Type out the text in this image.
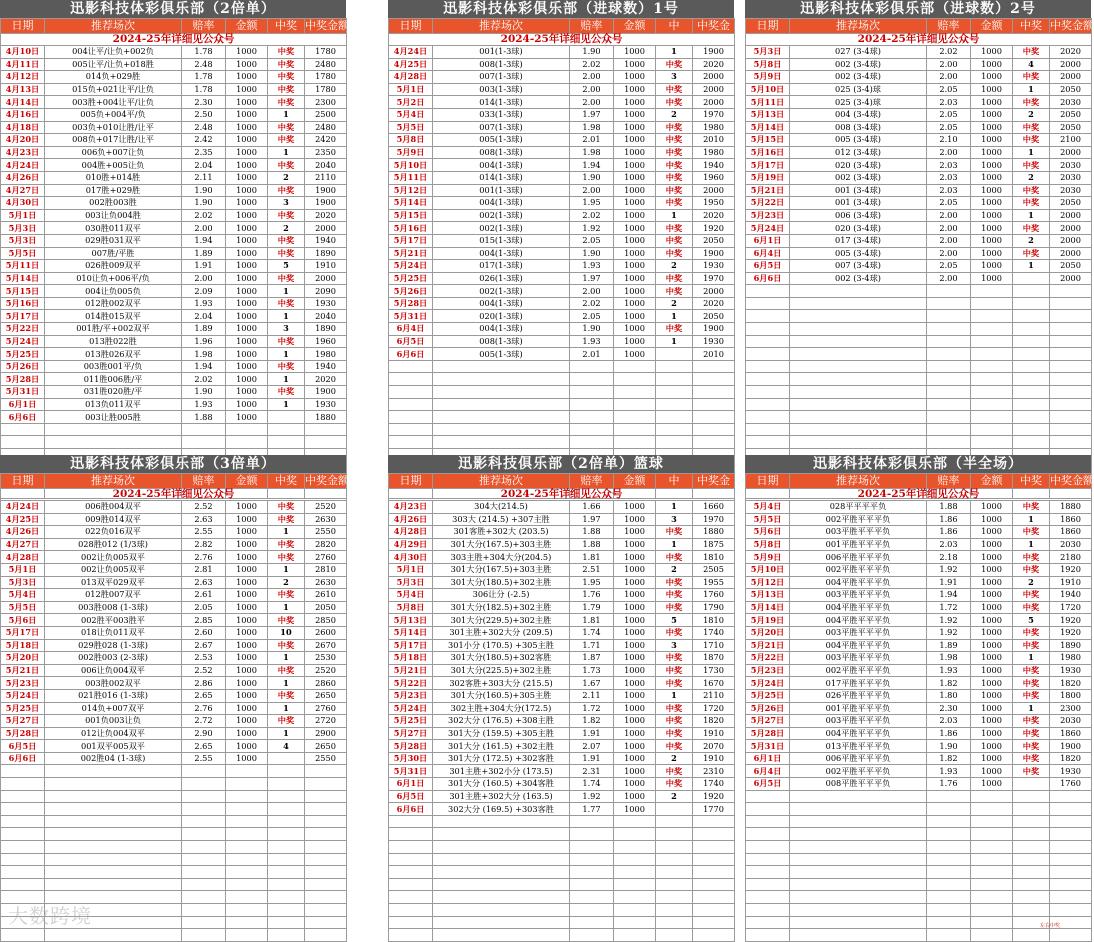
迅影科技体彩俱乐部（2倍单）
日期	推荐场次	赔率	金额	中奖	中奖金额
2024-25年详细见公众号					
4月10日	004让平/让负+002负	1.78	1000	中奖	1780
4月11日	005让平/让负+018胜	2.48	1000	中奖	2480
4月12日	014负+029胜	1.78	1000	中奖	1780
4月13日	015负+021让平/让负	1.78	1000	中奖	1780
4月14日	003胜+004让平/让负	2.30	1000	中奖	2300
4月16日	005负+004平/负	2.50	1000	1	2500
4月18日	003负+010让胜/让平	2.48	1000	中奖	2480
4月20日	008负+017让胜/让平	2.42	1000	中奖	2420
4月23日	006负+007让负	2.35	1000	1	2350
4月24日	004胜+005让负	2.04	1000	中奖	2040
4月26日	010胜+014胜	2.11	1000	2	2110
4月27日	017胜+029胜	1.90	1000	中奖	1900
4月30日	002胜003胜	1.90	1000	3	1900
5月1日	003让负004胜	2.02	1000	中奖	2020
5月3日	030胜011双平	2.00	1000	2	2000
5月3日	029胜031双平	1.94	1000	中奖	1940
5月5日	007胜/平胜	1.89	1000	中奖	1890
5月11日	026胜009双平	1.91	1000	5	1910
5月14日	010让负+006平/负	2.00	1000	中奖	2000
5月15日	004让负005负	2.09	1000	1	2090
5月16日	012胜002双平	1.93	1000	中奖	1930
5月17日	014胜015双平	2.04	1000	1	2040
5月22日	001胜/平+002双平	1.89	1000	3	1890
5月24日	013胜022胜	1.96	1000	中奖	1960
5月25日	013胜026双平	1.98	1000	1	1980
5月26日	003胜001平/负	1.94	1000	中奖	1940
5月28日	011胜006胜/平	2.02	1000	1	2020
5月31日	031胜020胜/平	1.90	1000	中奖	1900
6月1日	013负011双平	1.93	1000	1	1930
6月6日	003让胜005胜	1.88	1000		1880

迅影科技体彩俱乐部（进球数）1号
日期	推荐场次	赔率	金额	中	中奖金
2024-25年详细见公众号					
4月24日	001(1-3球)	1.90	1000	1	1900
4月25日	008(1-3球)	2.02	1000	中奖	2020
4月28日	007(1-3球)	2.00	1000	3	2000
5月1日	003(1-3球)	2.00	1000	中奖	2000
5月2日	014(1-3球)	2.00	1000	中奖	2000
5月4日	033(1-3球)	1.97	1000	2	1970
5月5日	007(1-3球)	1.98	1000	中奖	1980
5月8日	005(1-3球)	2.01	1000	中奖	2010
5月9日	008(1-3球)	1.98	1000	中奖	1980
5月10日	004(1-3球)	1.94	1000	中奖	1940
5月11日	014(1-3球)	1.90	1000	中奖	1960
5月12日	001(1-3球)	2.00	1000	中奖	2000
5月14日	004(1-3球)	1.95	1000	中奖	1950
5月15日	002(1-3球)	2.02	1000	1	2020
5月16日	002(1-3球)	1.92	1000	中奖	1920
5月17日	015(1-3球)	2.05	1000	中奖	2050
5月21日	004(1-3球)	1.90	1000	中奖	1900
5月24日	017(1-3球)	1.93	1000	2	1930
5月25日	026(1-3球)	1.97	1000	中奖	1970
5月26日	002(1-3球)	2.00	1000	中奖	2000
5月28日	004(1-3球)	2.02	1000	2	2020
5月31日	020(1-3球)	2.05	1000	1	2050
6月4日	004(1-3球)	1.90	1000	中奖	1900
6月5日	008(1-3球)	1.93	1000	1	1930
6月6日	005(1-3球)	2.01	1000		2010

迅影科技体彩俱乐部（进球数）2号
日期	推荐场次	赔率	金额	中奖	中奖金额
2024-25年详细见公众号					
5月3日	027 (3-4球)	2.02	1000	中奖	2020
5月8日	002 (3-4球)	2.00	1000	4	2000
5月9日	002 (3-4球)	2.00	1000	中奖	2000
5月10日	025 (3-4)球	2.05	1000	1	2050
5月11日	025 (3-4)球	2.03	1000	中奖	2030
5月13日	004 (3-4球)	2.05	1000	2	2050
5月14日	008 (3-4球)	2.05	1000	中奖	2050
5月15日	005 (3-4球)	2.10	1000	中奖	2100
5月16日	012 (3-4球)	2.00	1000	1	2000
5月17日	020 (3-4球)	2.03	1000	中奖	2030
5月19日	002 (3-4球)	2.03	1000	2	2030
5月21日	001 (3-4球)	2.03	1000	中奖	2030
5月22日	001 (3-4球)	2.05	1000	中奖	2050
5月23日	006 (3-4球)	2.00	1000	1	2000
5月24日	020 (3-4球)	2.00	1000	中奖	2000
6月1日	017 (3-4球)	2.00	1000	2	2000
6月4日	005 (3-4球)	2.00	1000	中奖	2000
6月5日	007 (3-4球)	2.05	1000	1	2050
6月6日	002 (3-4球)	2.00	1000		2000

迅影科技体彩俱乐部（3倍单）
日期	推荐场次	赔率	金额	中奖	中奖金额
2024-25年详细见公众号					
4月24日	006胜004双平	2.52	1000	中奖	2520
4月25日	009胜014双平	2.63	1000	中奖	2630
4月26日	022负016双平	2.55	1000	1	2550
4月27日	028胜012 (1/3球)	2.82	1000	中奖	2820
4月28日	002让负005双平	2.76	1000	中奖	2760
5月1日	002让负005双平	2.81	1000	1	2810
5月3日	013双平029双平	2.63	1000	2	2630
5月4日	012胜007双平	2.61	1000	中奖	2610
5月5日	003胜008 (1-3球)	2.05	1000	1	2050
5月6日	002胜平003胜平	2.85	1000	中奖	2850
5月17日	018让负011双平	2.60	1000	10	2600
5月18日	029胜028 (1-3球)	2.67	1000	中奖	2670
5月20日	002胜003 (2-3球)	2.53	1000	1	2530
5月21日	006让负004双平	2.52	1000	中奖	2520
5月23日	003胜002双平	2.86	1000	1	2860
5月24日	021胜016 (1-3球)	2.65	1000	中奖	2650
5月25日	014负+007双平	2.76	1000	1	2760
5月27日	001负003让负	2.72	1000	中奖	2720
5月28日	012让负004双平	2.90	1000	1	2900
6月5日	001双平005双平	2.65	1000	4	2650
6月6日	002胜04 (1-3球)	2.55	1000		2550

迅影科技俱乐部（2倍单）篮球
日期	推荐场次	赔率	金额	中	中奖金
2024-25年详细见公众号					
4月23日	304大(214.5)	1.66	1000	1	1660
4月26日	303大 (214.5) +307主胜	1.97	1000	3	1970
4月28日	301客胜+302大 (203.5)	1.88	1000	中奖	1880
4月29日	301大分(167.5)+303主胜	1.88	1000	1	1875
4月30日	303主胜+304大分(204.5)	1.81	1000	中奖	1810
5月1日	301大分(167.5)+303主胜	2.51	1000	2	2505
5月3日	301大分(180.5)+302主胜	1.95	1000	中奖	1955
5月4日	306让分 (-2.5)	1.76	1000	中奖	1760
5月8日	301大分(182.5)+302主胜	1.79	1000	中奖	1790
5月13日	301大分(229.5)+302主胜	1.81	1000	5	1810
5月14日	301主胜+302大分 (209.5)	1.74	1000	中奖	1740
5月17日	301小分 (170.5) +305主胜	1.71	1000	3	1710
5月18日	301大分(180.5)+302客胜	1.87	1000	中奖	1870
5月21日	301大分(225.5)+302主胜	1.73	1000	中奖	1730
5月22日	302客胜+303大分 (215.5)	1.67	1000	中奖	1670
5月23日	301大分(160.5)+305主胜	2.11	1000	1	2110
5月24日	302主胜+304大分(172.5)	1.72	1000	中奖	1720
5月25日	302大分 (176.5) +308主胜	1.82	1000	中奖	1820
5月27日	301大分 (159.5) +305主胜	1.91	1000	中奖	1910
5月28日	301大分 (161.5) +302主胜	2.07	1000	中奖	2070
5月30日	301大分 (172.5) +302客胜	1.91	1000	2	1910
5月31日	301主胜+302小分 (173.5)	2.31	1000	中奖	2310
6月1日	301大分 (160.5) +304客胜	1.74	1000	中奖	1740
6月5日	301主胜+302大分 (163.5)	1.92	1000	2	1920
6月6日	302大分 (169.5) +303客胜	1.77	1000		1770

迅影科技体彩俱乐部（半全场）
日期	推荐场次	赔率	金额	中奖	中奖金额
2024-25年详细见公众号					
5月4日	028平平平平负	1.88	1000	中奖	1880
5月5日	002平胜平平平负	1.86	1000	1	1860
5月6日	003平胜平平平负	1.86	1000	中奖	1860
5月8日	001平胜平平平负	2.03	1000	1	2030
5月9日	006平胜平平平负	2.18	1000	中奖	2180
5月10日	002平胜平平平负	1.92	1000	中奖	1920
5月12日	004平胜平平平负	1.91	1000	2	1910
5月13日	003平胜平平平负	1.94	1000	中奖	1940
5月14日	004平胜平平平负	1.72	1000	中奖	1720
5月19日	004平胜平平平负	1.92	1000	5	1920
5月20日	003平胜平平平负	1.92	1000	中奖	1920
5月21日	004平胜平平平负	1.89	1000	中奖	1890
5月22日	003平胜平平平负	1.98	1000	1	1980
5月23日	002平胜平平平负	1.93	1000	中奖	1930
5月24日	017平胜平平平负	1.82	1000	中奖	1820
5月25日	026平胜平平平负	1.80	1000	中奖	1800
5月26日	001平胜平平平负	2.30	1000	1	2300
5月27日	003平胜平平平负	2.03	1000	中奖	2030
5月28日	004平胜平平平负	1.86	1000	中奖	1860
5月31日	013平胜平平平负	1.90	1000	中奖	1900
6月1日	006平胜平平平负	1.82	1000	中奖	1820
6月4日	002平胜平平平负	1.93	1000	中奖	1930
6月5日	008平胜平平平负	1.76	1000		1760

大数跨境	左右中奖
